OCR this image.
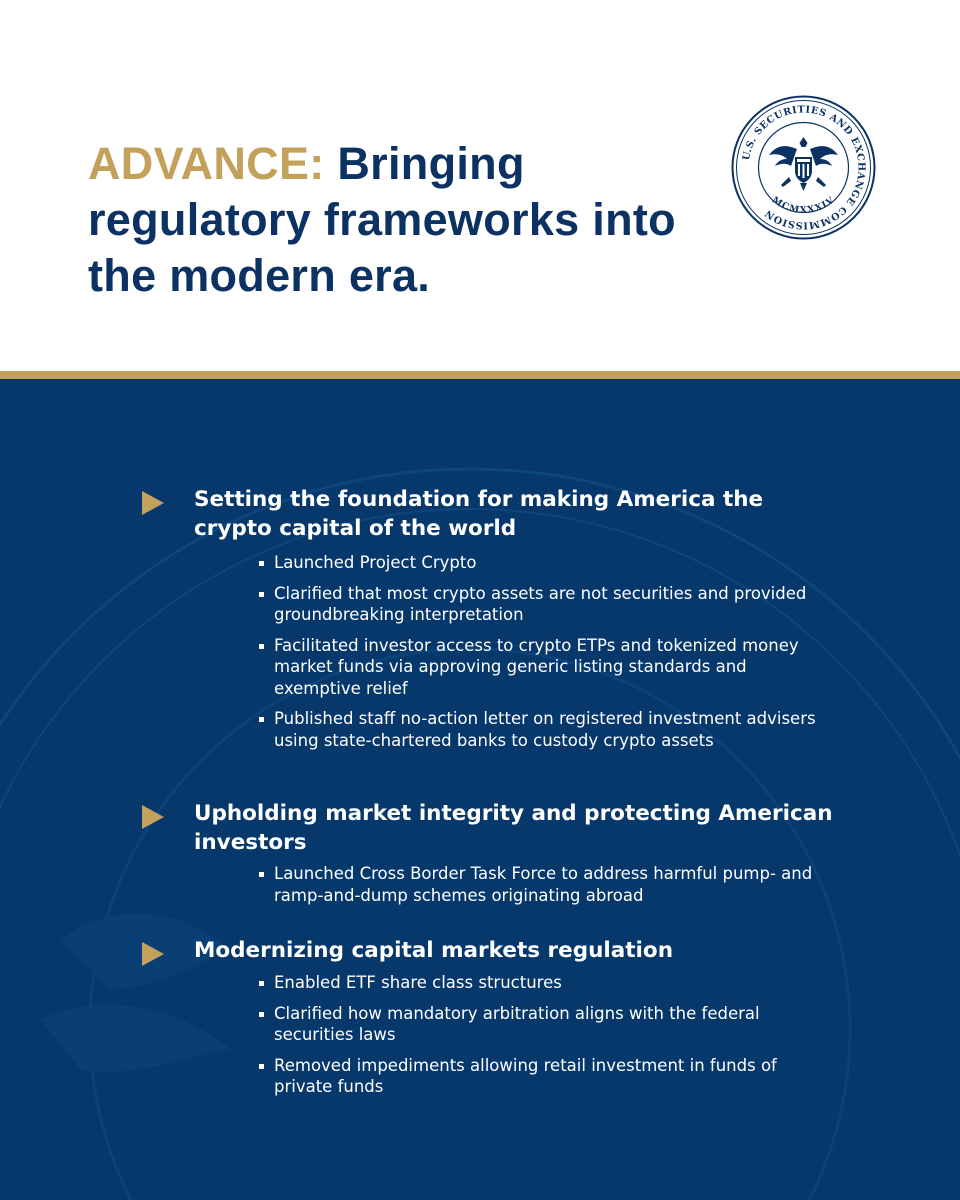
ADVANCE: Bringing regulatory frameworks into the modern era.
U.S. SECURITIES AND EXCHANGE COMMISSION
MCMXXXIV
Setting the foundation for making America the crypto capital of the world
Launched Project Crypto
Clarified that most crypto assets are not securities and provided groundbreaking interpretation
Facilitated investor access to crypto ETPs and tokenized money market funds via approving generic listing standards and exemptive relief
Published staff no-action letter on registered investment advisers using state-chartered banks to custody crypto assets
Upholding market integrity and protecting American investors
Launched Cross Border Task Force to address harmful pump- and ramp-and-dump schemes originating abroad
Modernizing capital markets regulation
Enabled ETF share class structures
Clarified how mandatory arbitration aligns with the federal securities laws
Removed impediments allowing retail investment in funds of private funds
